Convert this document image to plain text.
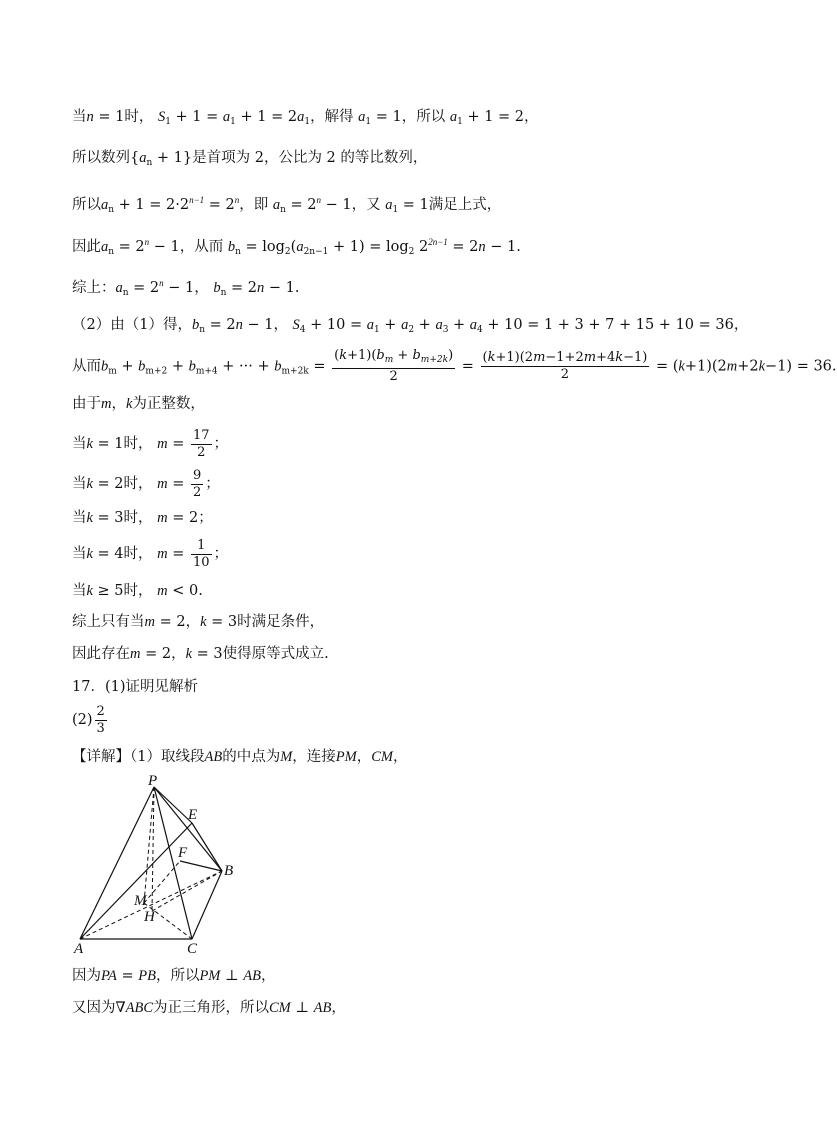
当n = 1时， $S_1 + 1 = a_1 + 1 = 2a_1$，解得 $a_1 = 1$，所以 $a_1 + 1 = 2$，
所以数列$\{a_n + 1\}$是首项为 2，公比为 2 的等比数列，
所以$a_n + 1 = 2\cdot 2^{n-1} = 2^n$，即 $a_n = 2^n - 1$，又 $a_1 = 1$满足上式，
因此$a_n = 2^n - 1$，从而 $b_n = \log_2(a_{2n-1} + 1) = \log_2 2^{2n-1} = 2n - 1$.
综上：$a_n = 2^n - 1$， $b_n = 2n - 1$.
（2）由（1）得，$b_n = 2n - 1$， $S_4 + 10 = a_1 + a_2 + a_3 + a_4 + 10 = 1 + 3 + 7 + 15 + 10 = 36$，
从而$b_m + b_{m+2} + b_{m+4}$ + ··· + $b_{m+2k} = \frac{(k+1)(b_m + b_{m+2k})}{2} = \frac{(k+1)(2m-1+2m+4k-1)}{2} = (k+1)(2m+2k-1) = 36$.
由于m，k为正整数，
当k = 1时， $m = \frac{17}{2}$ ；
当k = 2时， $m = \frac{9}{2}$ ；
当k = 3时， m = 2；
当k = 4时， $m = \frac{1}{10}$ ；
当k ≥ 5时， m < 0.
综上只有当m = 2，k = 3时满足条件，
因此存在m = 2，k = 3使得原等式成立.
17．(1)证明见解析
$(2) \frac{2}{3}$
【详解】（1）取线段AB的中点为M，连接PM，CM，
P
E
F
B
M
H
A	C
因为PA = PB，所以PM ⊥ AB，
又因为∇ABC为正三角形，所以CM ⊥ AB，
